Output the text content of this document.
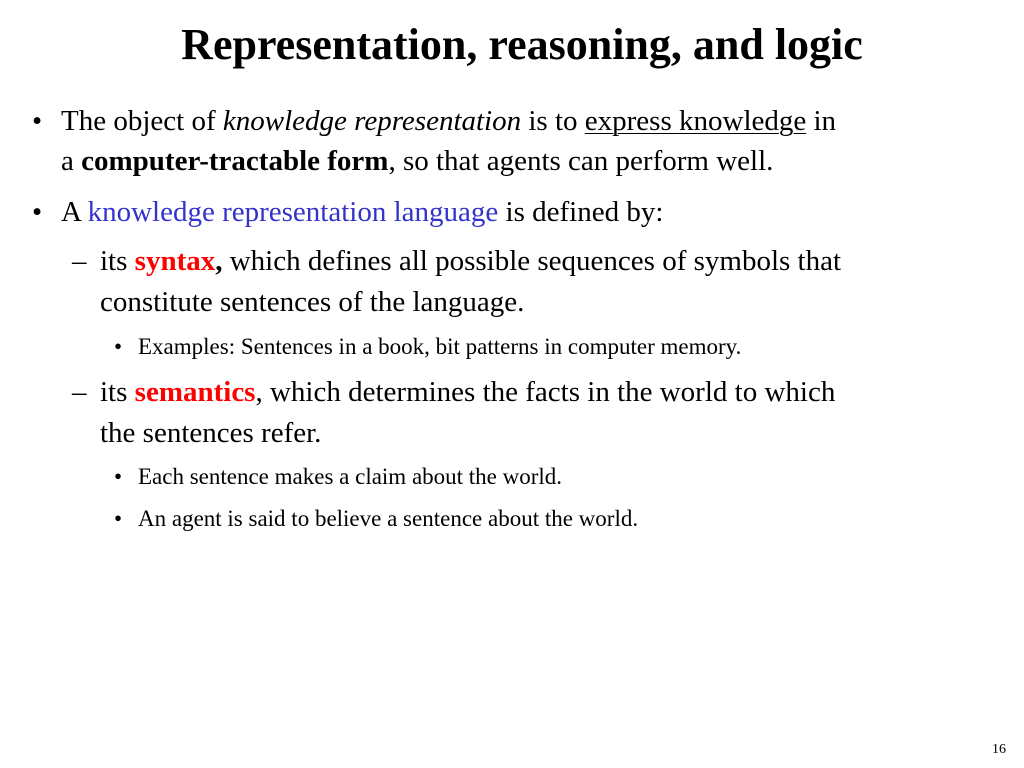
Representation, reasoning, and logic
• The object of knowledge representation is to express knowledge in
a computer-tractable form, so that agents can perform well.
• A knowledge representation language is defined by:
– its syntax, which defines all possible sequences of symbols that
constitute sentences of the language.
• Examples: Sentences in a book, bit patterns in computer memory.
– its semantics, which determines the facts in the world to which
the sentences refer.
• Each sentence makes a claim about the world.
• An agent is said to believe a sentence about the world.
16
